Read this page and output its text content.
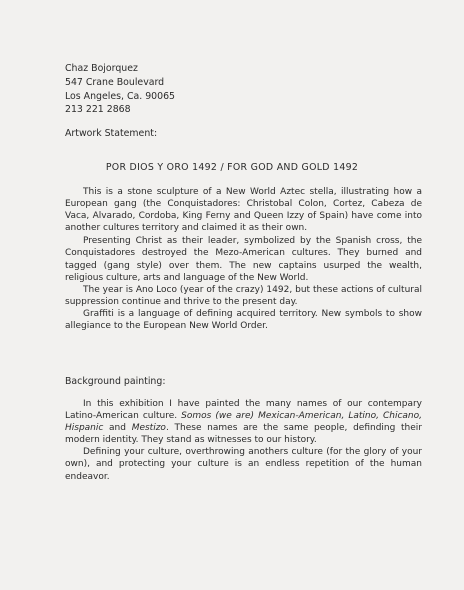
Chaz Bojorquez
547 Crane Boulevard
Los Angeles, Ca. 90065
213 221 2868
Artwork Statement:
POR DIOS Y ORO 1492 / FOR GOD AND GOLD 1492

This is a stone sculpture of a New World Aztec stella, illustrating how a European gang (the Conquistadores: Christobal Colon, Cortez, Cabeza de Vaca, Alvarado, Cordoba, King Ferny and Queen Izzy of Spain) have come into another cultures territory and claimed it as their own.

Presenting Christ as their leader, symbolized by the Spanish cross, the Conquistadores destroyed the Mezo-American cultures. They burned and tagged (gang style) over them. The new captains usurped the wealth, religious culture, arts and language of the New World.

The year is Ano Loco (year of the crazy) 1492, but these actions of cultural suppression continue and thrive to the present day.

Graffiti is a language of defining acquired territory. New symbols to show allegiance to the European New World Order.

Background painting:

In this exhibition I have painted the many names of our contempary Latino-American culture. Somos (we are) Mexican-American, Latino, Chicano, Hispanic and Mestizo. These names are the same people, definding their modern identity. They stand as witnesses to our history.

Defining your culture, overthrowing anothers culture (for the glory of your own), and protecting your culture is an endless repetition of the human endeavor.
